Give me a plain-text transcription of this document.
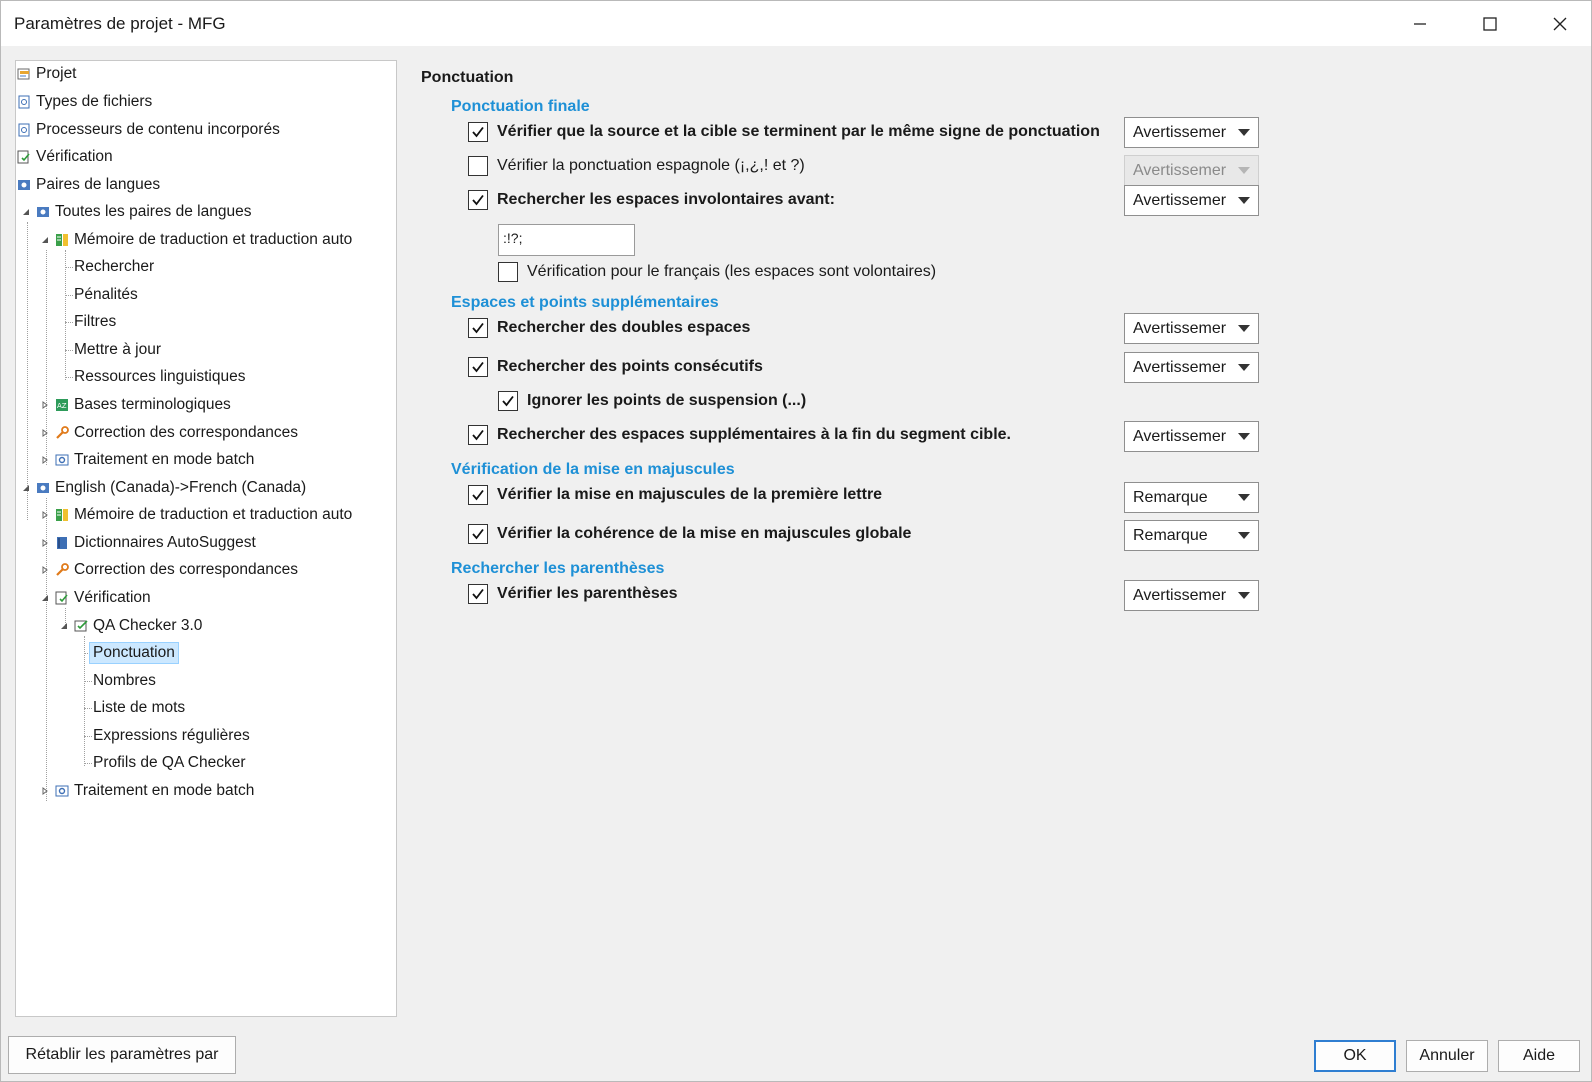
Paramètres de projet - MFG
Projet
Types de fichiers
Processeurs de contenu incorporés
Vérification
Paires de langues
Toutes les paires de langues
Mémoire de traduction et traduction auto
Rechercher
Pénalités
Filtres
Mettre à jour
Ressources linguistiques
AZ Bases terminologiques
Correction des correspondances
Traitement en mode batch
English (Canada)->French (Canada)
Mémoire de traduction et traduction auto
Dictionnaires AutoSuggest
Correction des correspondances
Vérification
QA Checker 3.0
Ponctuation
Nombres
Liste de mots
Expressions régulières
Profils de QA Checker
Traitement en mode batch
Ponctuation
Ponctuation finale
Vérifier que la source et la cible se terminent par le même signe de ponctuation Avertissemer
Vérifier la ponctuation espagnole (¡,¿,! et ?)	Avertissemer
Rechercher les espaces involontaires avant:	Avertissemer
:!?;
Vérification pour le français (les espaces sont volontaires)
Espaces et points supplémentaires
Rechercher des doubles espaces	Avertissemer
Rechercher des points consécutifs	Avertissemer
Ignorer les points de suspension (...)
Rechercher des espaces supplémentaires à la fin du segment cible.	Avertissemer
Vérification de la mise en majuscules
Vérifier la mise en majuscules de la première lettre	Remarque
Vérifier la cohérence de la mise en majuscules globale	Remarque
Rechercher les parenthèses
Vérifier les parenthèses	Avertissemer
Rétablir les paramètres par	OK	Annuler	Aide
